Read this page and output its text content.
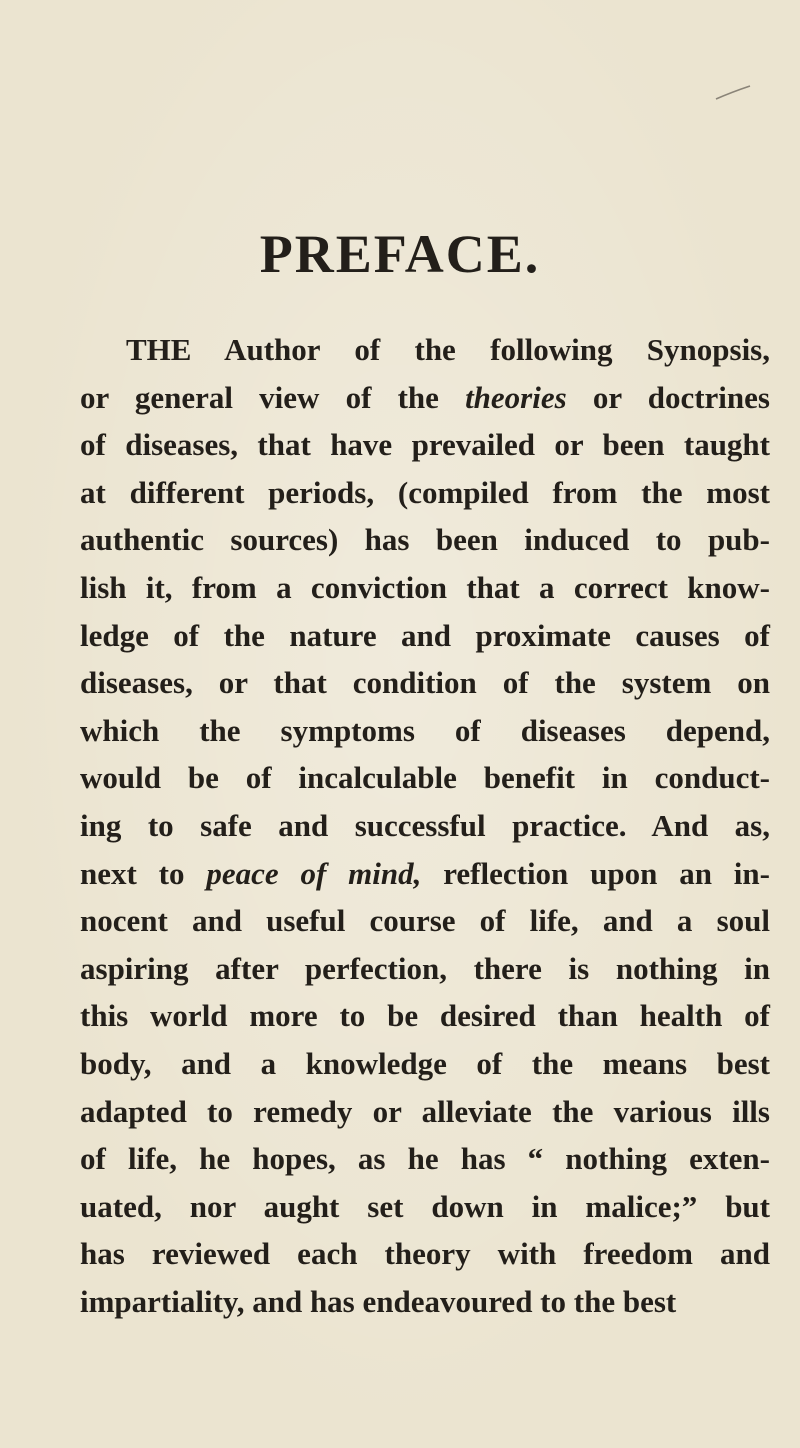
PREFACE.
THE Author of the following Synopsis,
or general view of the theories or doctrines
of diseases, that have prevailed or been taught
at different periods, (compiled from the most
authentic sources) has been induced to pub-
lish it, from a conviction that a correct know-
ledge of the nature and proximate causes of
diseases, or that condition of the system on
which the symptoms of diseases depend,
would be of incalculable benefit in conduct-
ing to safe and successful practice. And as,
next to peace of mind, reflection upon an in-
nocent and useful course of life, and a soul
aspiring after perfection, there is nothing in
this world more to be desired than health of
body, and a knowledge of the means best
adapted to remedy or alleviate the various ills
of life, he hopes, as he has “ nothing exten-
uated, nor aught set down in malice;” but
has reviewed each theory with freedom and
impartiality, and has endeavoured to the best
